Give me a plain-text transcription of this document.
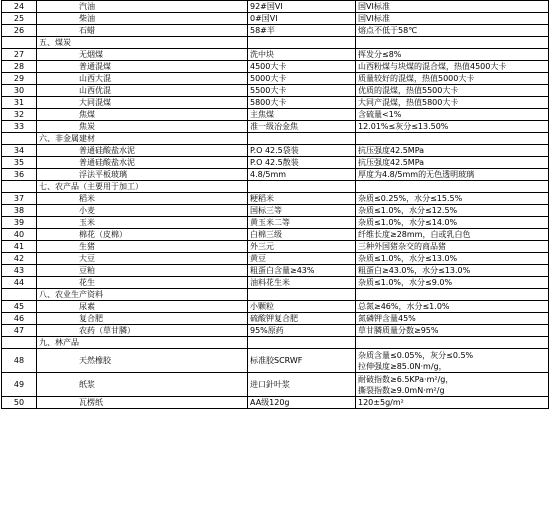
24	汽油	92#国VI	国VI标准
25	柴油	0#国VI	国VI标准
26	石蜡	58#半	熔点不低于58℃
	五、煤炭		
27	无烟煤	洗中块	挥发分≤8%
28	普通混煤	4500大卡	山西粉煤与块煤的混合煤，热值4500大卡
29	山西大混	5000大卡	质量较好的混煤，热值5000大卡
30	山西优混	5500大卡	优质的混煤，热值5500大卡
31	大同混煤	5800大卡	大同产混煤，热值5800大卡
32	焦煤	主焦煤	含硫量<1%
33	焦炭	准一级冶金焦	12.01%≤灰分≤13.50%
	六、非金属建材		
34	普通硅酸盐水泥	P.O 42.5袋装	抗压强度42.5MPa
35	普通硅酸盐水泥	P.O 42.5散装	抗压强度42.5MPa
36	浮法平板玻璃	4.8/5mm	厚度为4.8/5mm的无色透明玻璃
	七、农产品（主要用于加工）		
37	稻米	粳稻米	杂质≤0.25%，水分≤15.5%
38	小麦	国标三等	杂质≤1.0%，水分≤12.5%
39	玉米	黄玉米二等	杂质≤1.0%，水分≤14.0%
40	棉花（皮棉）	白棉三级	纤维长度≥28mm，白或乳白色
41	生猪	外三元	三种外国猪杂交的商品猪
42	大豆	黄豆	杂质≤1.0%，水分≤13.0%
43	豆粕	粗蛋白含量≥43%	粗蛋白≥43.0%，水分≤13.0%
44	花生	油料花生米	杂质≤1.0%，水分≤9.0%
	八、农业生产资料		
45	尿素	小颗粒	总氮≥46%，水分≤1.0%
46	复合肥	硫酸钾复合肥	氮磷钾含量45%
47	农药（草甘膦）	95%原药	草甘膦质量分数≥95%
	九、林产品		
48	天然橡胶	标准胶SCRWF	杂质含量≤0.05%，灰分≤0.5%
拉伸强度≥85.0N·m/g，

49	纸浆	进口針叶浆	耐破指数≥6.5KPa·m²/g，
撕裂指数≥9.0mN·m²/g

50	瓦楞纸	AA级120g	120±5g/m²
